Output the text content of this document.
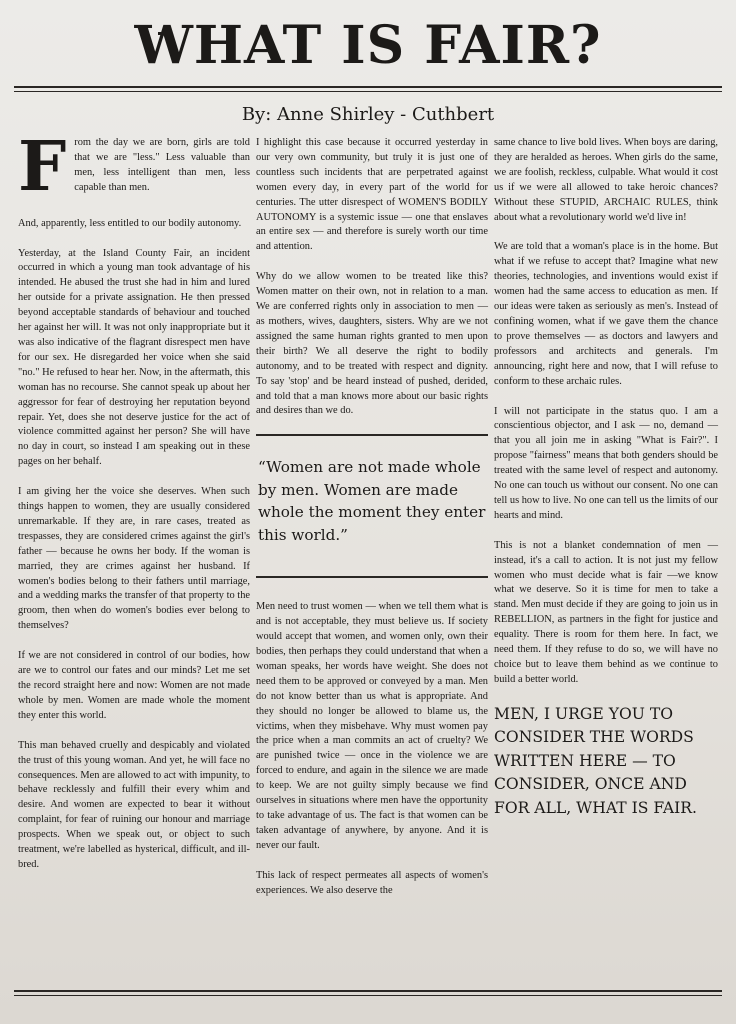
WHAT IS FAIR?
By: Anne Shirley - Cuthbert

From the day we are born, girls are told that we are "less." Less valuable than men, less intelligent than men, less capable than men.

And, apparently, less entitled to our bodily autonomy.

Yesterday, at the Island County Fair, an incident occurred in which a young man took advantage of his intended. He abused the trust she had in him and lured her outside for a private assignation. He then pressed beyond acceptable standards of behaviour and touched her against her will. It was not only inappropriate but it was also indicative of the flagrant disrespect men have for our sex. He disregarded her voice when she said "no." He refused to hear her. Now, in the aftermath, this woman has no recourse. She cannot speak up about her aggressor for fear of destroying her reputation beyond repair. Yet, does she not deserve justice for the act of violence committed against her person? She will have no day in court, so instead I am speaking out in these pages on her behalf.

I am giving her the voice she deserves. When such things happen to women, they are usually considered unremarkable. If they are, in rare cases, treated as trespasses, they are considered crimes against the girl's father — because he owns her body. If the woman is married, they are crimes against her husband. If women's bodies belong to their fathers until marriage, and a wedding marks the transfer of that property to the groom, then when do women's bodies ever belong to themselves?

If we are not considered in control of our bodies, how are we to control our fates and our minds? Let me set the record straight here and now: Women are not made whole by men. Women are made whole the moment they enter this world.

This man behaved cruelly and despicably and violated the trust of this young woman. And yet, he will face no consequences. Men are allowed to act with impunity, to behave recklessly and fulfill their every whim and desire. And women are expected to bear it without complaint, for fear of ruining our honour and marriage prospects. When we speak out, or object to such treatment, we're labelled as hysterical, difficult, and ill-bred.

I highlight this case because it occurred yesterday in our very own community, but truly it is just one of countless such incidents that are perpetrated against women every day, in every part of the world for centuries. The utter disrespect of WOMEN'S BODILY AUTONOMY is a systemic issue — one that enslaves an entire sex — and therefore is surely worth our time and attention.

Why do we allow women to be treated like this? Women matter on their own, not in relation to a man. We are conferred rights only in association to men — as mothers, wives, daughters, sisters. Why are we not assigned the same human rights granted to men upon their birth? We all deserve the right to bodily autonomy, and to be treated with respect and dignity. To say 'stop' and be heard instead of pushed, derided, and told that a man knows more about our basic rights and desires than we do.

“Women are not made whole by men. Women are made whole the moment they enter this world.”

Men need to trust women — when we tell them what is and is not acceptable, they must believe us. If society would accept that women, and women only, own their bodies, then perhaps they could understand that when a woman speaks, her words have weight. She does not need them to be approved or conveyed by a man. Men do not know better than us what is appropriate. And they should no longer be allowed to blame us, the victims, when they misbehave. Why must women pay the price when a man commits an act of cruelty? We are punished twice — once in the violence we are forced to endure, and again in the silence we are made to keep. We are not guilty simply because we find ourselves in situations where men have the opportunity to take advantage of us. The fact is that women can be taken advantage of anywhere, by anyone. And it is never our fault.

This lack of respect permeates all aspects of women's experiences. We also deserve the

same chance to live bold lives. When boys are daring, they are heralded as heroes. When girls do the same, we are foolish, reckless, culpable. What would it cost us if we were all allowed to take heroic chances? Without these STUPID, ARCHAIC RULES, think about what a revolutionary world we'd live in!

We are told that a woman's place is in the home. But what if we refuse to accept that? Imagine what new theories, technologies, and inventions would exist if women had the same access to education as men. If our ideas were taken as seriously as men's. Instead of confining women, what if we gave them the chance to prove themselves — as doctors and lawyers and professors and architects and generals. I'm announcing, right here and now, that I will refuse to conform to these archaic rules.

I will not participate in the status quo. I am a conscientious objector, and I ask — no, demand — that you all join me in asking "What is Fair?". I propose "fairness" means that both genders should be treated with the same level of respect and autonomy. No one can touch us without our consent. No one can tell us how to live. No one can tell us the limits of our hearts and mind.

This is not a blanket condemnation of men — instead, it's a call to action. It is not just my fellow women who must decide what is fair —we know what we deserve. So it is time for men to take a stand. Men must decide if they are going to join us in REBELLION, as partners in the fight for justice and equality. There is room for them here. In fact, we need them. If they refuse to do so, we will have no choice but to leave them behind as we continue to build a better world.

MEN, I URGE YOU TO CONSIDER THE WORDS WRITTEN HERE — TO CONSIDER, ONCE AND FOR ALL, WHAT IS FAIR.
